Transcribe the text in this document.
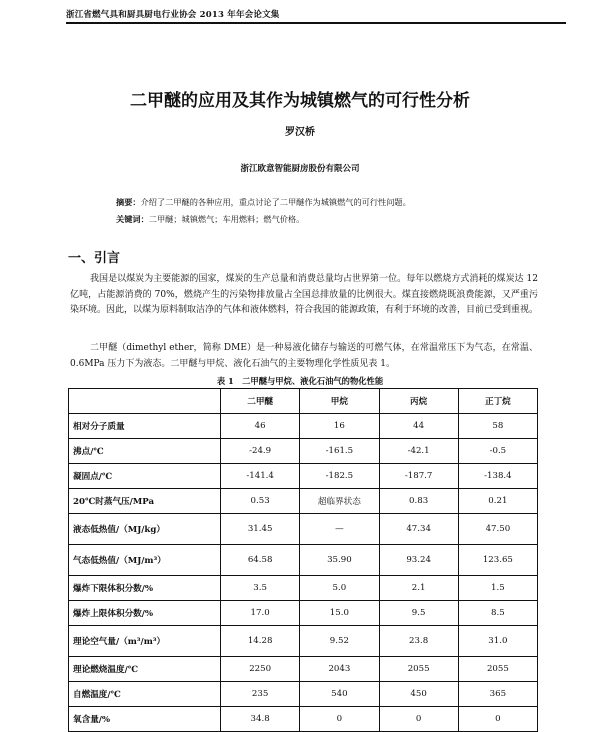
浙江省燃气具和厨具厨电行业协会 2013 年年会论文集
二甲醚的应用及其作为城镇燃气的可行性分析
罗汉桥
浙江欧意智能厨房股份有限公司
摘要：介绍了二甲醚的各种应用，重点讨论了二甲醚作为城镇燃气的可行性问题。
关键词：二甲醚；城镇燃气；车用燃料；燃气价格。
一、引言
我国是以煤炭为主要能源的国家，煤炭的生产总量和消费总量均占世界第一位。每年以燃烧方式消耗的煤炭达 12 亿吨，占能源消费的 70%，燃烧产生的污染物排放量占全国总排放量的比例很大。煤直接燃烧既浪费能源，又严重污染环境。因此，以煤为原料制取洁净的气体和液体燃料，符合我国的能源政策，有利于环境的改善，目前已受到重视。
二甲醚（dimethyl ether，简称 DME）是一种易液化储存与输送的可燃气体，在常温常压下为气态，在常温、0.6MPa 压力下为液态。二甲醚与甲烷、液化石油气的主要物理化学性质见表 1。
表 1　二甲醚与甲烷、液化石油气的物化性能
	二甲醚	甲烷	丙烷	正丁烷
相对分子质量	46	16	44	58
沸点/℃	-24.9	-161.5	-42.1	-0.5
凝固点/℃	-141.4	-182.5	-187.7	-138.4
20℃时蒸气压/MPa	0.53	超临界状态	0.83	0.21
液态低热值/（MJ/kg）	31.45	—	47.34	47.50
气态低热值/（MJ/m³）	64.58	35.90	93.24	123.65
爆炸下限体积分数/%	3.5	5.0	2.1	1.5
爆炸上限体积分数/%	17.0	15.0	9.5	8.5
理论空气量/（m³/m³）	14.28	9.52	23.8	31.0
理论燃烧温度/℃	2250	2043	2055	2055
自燃温度/℃	235	540	450	365
氧含量/%	34.8	0	0	0
